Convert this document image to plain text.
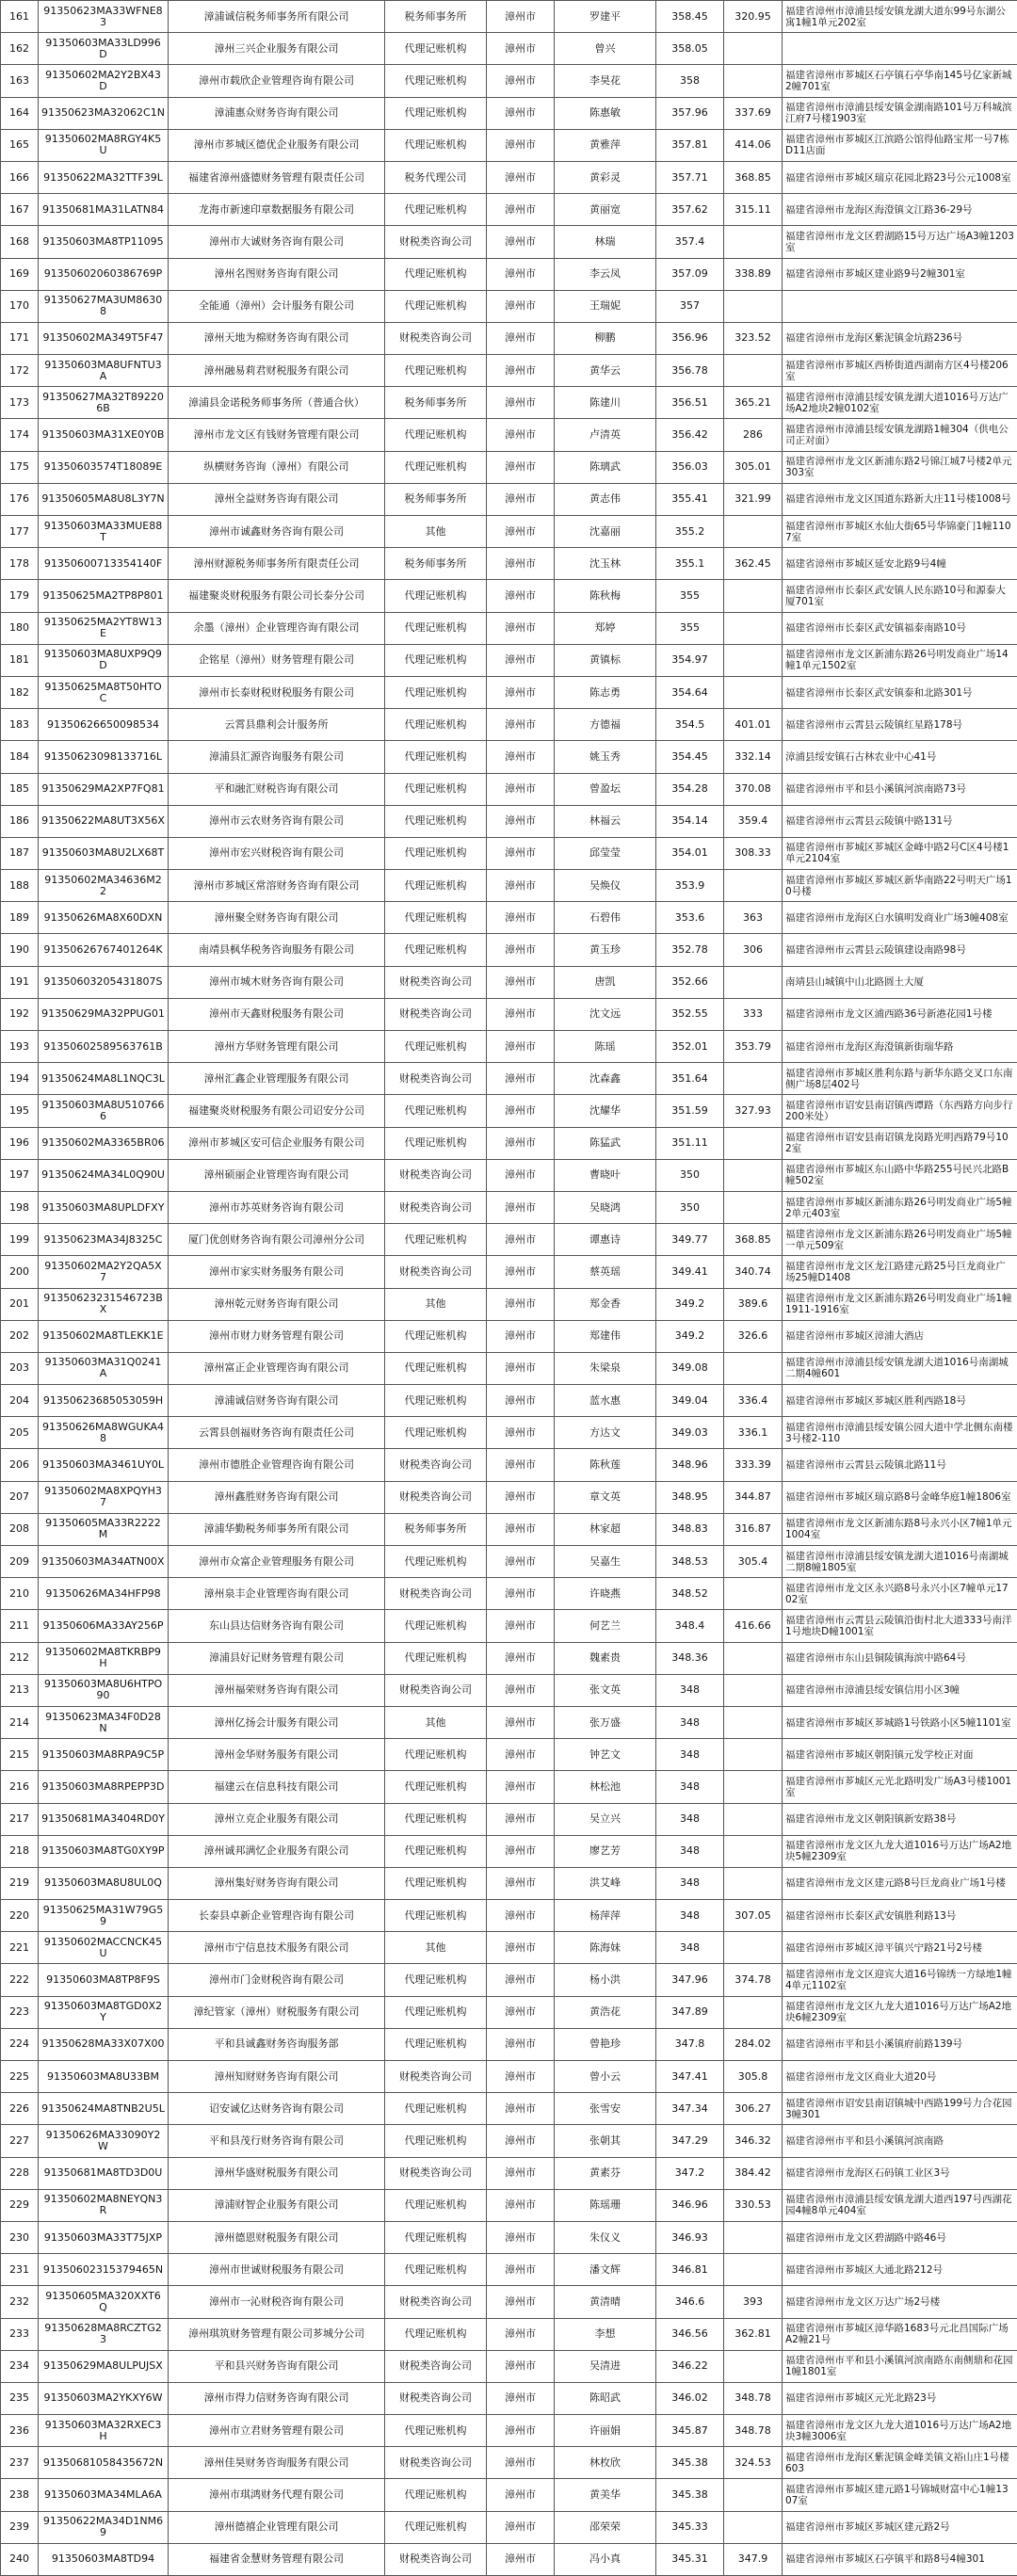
161	91350623MA33WFNE83	漳浦诚信税务师事务所有限公司	税务师事务所	漳州市	罗建平	358.45	320.95	福建省漳州市漳浦县绥安镇龙湖大道东99号东湖公寓1幢1单元202室
162	91350603MA33LD996D	漳州三兴企业服务有限公司	代理记账机构	漳州市	曾兴	358.05		
163	91350602MA2Y2BX43D	漳州市载欣企业管理咨询有限公司	代理记账机构	漳州市	李昊花	358		福建省漳州市芗城区石亭镇石亭华南145号亿家新城2幢701室
164	91350623MA32062C1N	漳浦惠众财务咨询有限公司	代理记账机构	漳州市	陈惠敏	357.96	337.69	福建省漳州市漳浦县绥安镇金湖南路101号万科城滨江府7号楼1903室
165	91350602MA8RGY4K5U	漳州市芗城区德优企业服务有限公司	代理记账机构	漳州市	黄雅萍	357.81	414.06	福建省漳州市芗城区江滨路公馆得仙路宝邦一号7栋D11店面
166	91350622MA32TTF39L	福建省漳州盛德财务管理有限责任公司	税务代理公司	漳州市	黄彩灵	357.71	368.85	福建省漳州市芗城区瑞京花园北路23号公元1008室
167	91350681MA31LATN84	龙海市新速印章数据服务有限公司	代理记账机构	漳州市	黄丽宽	357.62	315.11	福建省漳州市龙海区海澄镇文江路36-29号
168	91350603MA8TP11095	漳州市大诚财务咨询有限公司	财税类咨询公司	漳州市	林瑞	357.4		福建省漳州市龙文区碧湖路15号万达广场A3幢1203室
169	91350602060386769P	漳州名图财务咨询有限公司	代理记账机构	漳州市	李云凤	357.09	338.89	福建省漳州市芗城区建业路9号2幢301室
170	91350627MA3UM86308	全能通（漳州）会计服务有限公司	代理记账机构	漳州市	王瑞妮	357		
171	91350602MA349T5F47	漳州天地为棉财务咨询有限公司	财税类咨询公司	漳州市	柳鹏	356.96	323.52	福建省漳州市龙海区紫泥镇金坑路236号
172	91350603MA8UFNTU3A	漳州融易莉君财税服务有限公司	代理记账机构	漳州市	黄华云	356.78		福建省漳州市芗城区西桥街道西湖南方区4号楼206室
173	91350627MA32T892206B	漳浦县金诺税务师事务所（普通合伙）	税务师事务所	漳州市	陈建川	356.51	365.21	福建省漳州市漳浦县绥安镇龙湖大道1016号万达广场A2地块2幢0102室
174	91350603MA31XE0Y0B	漳州市龙文区有钱财务管理有限公司	代理记账机构	漳州市	卢清英	356.42	286	福建省漳州市漳浦县绥安镇龙湖路1幢304（供电公司正对面）
175	91350603574T18089E	纵横财务咨询（漳州）有限公司	代理记账机构	漳州市	陈璃武	356.03	305.01	福建省漳州市龙文区新浦东路2号锦江城7号楼2单元303室
176	91350605MA8U8L3Y7N	漳州全益财务咨询有限公司	税务师事务所	漳州市	黄志伟	355.41	321.99	福建省漳州市龙文区国道东路新大庄11号楼1008号
177	91350603MA33MUE88T	漳州市诚鑫财务咨询有限公司	其他	漳州市	沈嘉丽	355.2		福建省漳州市芗城区水仙大街65号华锦豪门1幢1107室
178	91350600713354140F	漳州财源税务师事务所有限责任公司	税务师事务所	漳州市	沈玉林	355.1	362.45	福建省漳州市芗城区延安北路9号4幢
179	91350625MA2TP8P801	福建聚炎财税服务有限公司长泰分公司	代理记账机构	漳州市	陈秋梅	355		福建省漳州市长泰区武安镇人民东路10号和源泰大厦701室
180	91350625MA2YT8W13E	余墨（漳州）企业管理咨询有限公司	代理记账机构	漳州市	郑婷	355		福建省漳州市长泰区武安镇福泰南路10号
181	91350603MA8UXP9Q9D	企铭星（漳州）财务管理有限公司	代理记账机构	漳州市	黄镇标	354.97		福建省漳州市龙文区新浦东路26号明发商业广场14幢1单元1502室
182	91350625MA8T50HTOC	漳州市长泰财税财税服务有限公司	代理记账机构	漳州市	陈志勇	354.64		福建省漳州市长泰区武安镇泰和北路301号
183	91350626650098534	云霄县鼎利会计服务所	代理记账机构	漳州市	方德福	354.5	401.01	福建省漳州市云霄县云陵镇红星路178号
184	91350623098133716L	漳浦县汇源咨询服务有限公司	代理记账机构	漳州市	姚玉秀	354.45	332.14	漳浦县绥安镇石古林农业中心41号
185	91350629MA2XP7FQ81	平和融汇财税咨询有限公司	代理记账机构	漳州市	曾盈坛	354.28	370.08	福建省漳州市平和县小溪镇河滨南路73号
186	91350622MA8UT3X56X	漳州市云农财务咨询有限公司	代理记账机构	漳州市	林福云	354.14	359.4	福建省漳州市云霄县云陵镇中路131号
187	91350603MA8U2LX68T	漳州市宏兴财税咨询有限公司	代理记账机构	漳州市	邱莹莹	354.01	308.33	福建省漳州市芗城区芗城区金峰中路2号C区4号楼1单元2104室
188	91350602MA34636M22	漳州市芗城区常溶财务咨询有限公司	代理记账机构	漳州市	吴焕仪	353.9		福建省漳州市芗城区芗城区新华南路22号明天广场10号楼
189	91350626MA8X60DXN	漳州聚全财务咨询有限公司	代理记账机构	漳州市	石碧伟	353.6	363	福建省漳州市龙海区白水镇明发商业广场3幢408室
190	91350626767401264K	南靖县枫华税务咨询服务有限公司	代理记账机构	漳州市	黄玉珍	352.78	306	福建省漳州市云霄县云陵镇建设南路98号
191	91350603205431807S	漳州市城木财务咨询有限公司	财税类咨询公司	漳州市	唐凯	352.66		南靖县山城镇中山北路圆土大厦
192	91350629MA32PPUG01	漳州市天鑫财税服务有限公司	财税类咨询公司	漳州市	沈文远	352.55	333	福建省漳州市龙文区浦西路36号新港花园1号楼
193	91350602589563761B	漳州方华财务管理有限公司	代理记账机构	漳州市	陈瑶	352.01	353.79	福建省漳州市龙海区海澄镇新街瑞华路
194	91350624MA8L1NQC3L	漳州汇鑫企业管理服务有限公司	财税类咨询公司	漳州市	沈森鑫	351.64		福建省漳州市芗城区胜利东路与新华东路交叉口东南侧广场8层402号
195	91350603MA8U5107666	福建聚炎财税服务有限公司诏安分公司	代理记账机构	漳州市	沈耀华	351.59	327.93	福建省漳州市诏安县南诏镇西谭路（东西路方向步行200米处）
196	91350602MA3365BR06	漳州市芗城区安可信企业服务有限公司	代理记账机构	漳州市	陈猛武	351.11		福建省漳州市诏安县南诏镇龙岗路光明西路79号102室
197	91350624MA34L0Q90U	漳州硕丽企业管理咨询有限公司	财税类咨询公司	漳州市	曹晓叶	350		福建省漳州市芗城区东山路中华路255号民兴北路B幢502室
198	91350603MA8UPLDFXY	漳州市苏英财务咨询有限公司	财税类咨询公司	漳州市	吴晓鸿	350		福建省漳州市芗城区新浦东路26号明发商业广场5幢2单元403室
199	91350623MA34J8325C	厦门优创财务咨询有限公司漳州分公司	代理记账机构	漳州市	谭惠诗	349.77	368.85	福建省漳州市龙文区新浦东路26号明发商业广场5幢一单元509室
200	91350602MA2Y2QA5X7	漳州市家实财务服务有限公司	财税类咨询公司	漳州市	蔡英瑶	349.41	340.74	福建省漳州市龙文区龙江路建元路25号巨龙商业广场25幢D1408
201	91350623231546723BX	漳州乾元财务咨询有限公司	其他	漳州市	郑金香	349.2	389.6	福建省漳州市龙文区新浦东路26号明发商业广场1幢1911-1916室
202	91350602MA8TLEKK1E	漳州市财力财务管理有限公司	代理记账机构	漳州市	郑建伟	349.2	326.6	福建省漳州市芗城区漳浦大酒店
203	91350603MA31Q0241A	漳州富正企业管理咨询有限公司	代理记账机构	漳州市	朱梁泉	349.08		福建省漳州市漳浦县绥安镇龙湖大道1016号南湖城二期4幢601
204	91350623685053059H	漳浦诚信财务咨询有限公司	代理记账机构	漳州市	蓝水惠	349.04	336.4	福建省漳州市芗城区芗城区胜利西路18号
205	91350626MA8WGUKA48	云霄县创福财务咨询有限责任公司	代理记账机构	漳州市	方达文	349.03	336.1	福建省漳州市漳浦县绥安镇公园大道中学北侧东南楼3号楼2-110
206	91350603MA3461UY0L	漳州市德胜企业管理咨询有限公司	财税类咨询公司	漳州市	陈秋莲	348.96	333.39	福建省漳州市云霄县云陵镇北路11号
207	91350602MA8XPQYH37	漳州鑫胜财务咨询有限公司	财税类咨询公司	漳州市	章文英	348.95	344.87	福建省漳州市芗城区瑞京路8号金峰华庭1幢1806室
208	91350605MA33R2222M	漳浦华勤税务师事务所有限公司	税务师事务所	漳州市	林家超	348.83	316.87	福建省漳州市龙文区新浦东路8号永兴小区7幢1单元1004室
209	91350603MA34ATN00X	漳州市众富企业管理服务有限公司	代理记账机构	漳州市	吴嘉生	348.53	305.4	福建省漳州市漳浦县绥安镇龙湖大道1016号南湖城二期8幢1805室
210	91350626MA34HFP98	漳州泉丰企业管理咨询有限公司	财税类咨询公司	漳州市	许晓燕	348.52		福建省漳州市龙文区永兴路8号永兴小区7幢单元1702室
211	91350606MA33AY256P	东山县达信财务咨询有限公司	代理记账机构	漳州市	何艺兰	348.4	416.66	福建省漳州市云霄县云陵镇沿街村北大道333号南洋1号地块D幢1001室
212	91350602MA8TKRBP9H	漳浦县好记财务管理有限公司	代理记账机构	漳州市	魏素贵	348.36		福建省漳州市东山县铜陵镇海滨中路64号
213	91350603MA8U6HTPO90	漳州福荣财务咨询有限公司	财税类咨询公司	漳州市	张文英	348		福建省漳州市漳浦县绥安镇信用小区3幢
214	91350623MA34F0D28N	漳州亿扬会计服务有限公司	其他	漳州市	张万盛	348		福建省漳州市芗城区芗城路1号铁路小区5幢1101室
215	91350603MA8RPA9C5P	漳州金华财务服务有限公司	代理记账机构	漳州市	钟艺文	348		福建省漳州市芗城区朝阳镇元发学校正对面
216	91350603MA8RPEPP3D	福建云在信息科技有限公司	代理记账机构	漳州市	林松池	348		福建省漳州市芗城区元光北路明发广场A3号楼1001室
217	91350681MA3404RD0Y	漳州立克企业服务有限公司	代理记账机构	漳州市	吴立兴	348		福建省漳州市龙文区朝阳镇新安路38号
218	91350603MA8TG0XY9P	漳州诚邦满忆企业服务有限公司	代理记账机构	漳州市	廖艺芳	348		福建省漳州市龙文区九龙大道1016号万达广场A2地块5幢2309室
219	91350603MA8U8UL0Q	漳州集好财务咨询有限公司	代理记账机构	漳州市	洪艾峰	348		福建省漳州市龙文区建元路8号巨龙商业广场1号楼
220	91350625MA31W79G59	长泰县卓新企业管理咨询有限公司	代理记账机构	漳州市	杨萍萍	348	307.05	福建省漳州市长泰区武安镇胜利路13号
221	91350602MACCNCK45U	漳州市宁信息技术服务有限公司	其他	漳州市	陈海妹	348		福建省漳州市芗城区漳平镇兴宁路21号2号楼
222	91350603MA8TP8F9S	漳州市门金财税咨询有限公司	代理记账机构	漳州市	杨小洪	347.96	374.78	福建省漳州市龙文区迎宾大道16号锦绣一方绿地1幢4单元1102室
223	91350603MA8TGD0X2Y	漳纪管家（漳州）财税服务有限公司	代理记账机构	漳州市	黄浩花	347.89		福建省漳州市龙文区九龙大道1016号万达广场A2地块6幢2309室
224	91350628MA33X07X00	平和县诚鑫财务咨询服务部	代理记账机构	漳州市	曾艳珍	347.8	284.02	福建省漳州市平和县小溪镇府前路139号
225	91350603MA8U33BM	漳州知财财务咨询有限公司	财税类咨询公司	漳州市	曾小云	347.41	305.8	福建省漳州市龙文区商业大道20号
226	91350624MA8TNB2U5L	诏安诚亿达财务咨询有限公司	代理记账机构	漳州市	张雪安	347.34	306.27	福建省漳州市诏安县南诏镇城中西路199号力合花园3幢301
227	91350626MA33090Y2W	平和县茂行财务咨询有限公司	代理记账机构	漳州市	张朝其	347.29	346.32	福建省漳州市平和县小溪镇河滨南路
228	91350681MA8TD3D0U	漳州华盛财税服务有限公司	财税类咨询公司	漳州市	黄素芬	347.2	384.42	福建省漳州市龙海区石码镇工业区3号
229	91350602MA8NEYQN3R	漳浦财智企业服务有限公司	代理记账机构	漳州市	陈瑶珊	346.96	330.53	福建省漳州市漳浦县绥安镇龙湖大道西197号西湖花园4幢8单元404室
230	91350603MA33T75JXP	漳州德恩财税服务有限公司	代理记账机构	漳州市	朱仪义	346.93		福建省漳州市龙文区碧湖路中路46号
231	91350602315379465N	漳州市世诚财税服务有限公司	代理记账机构	漳州市	潘文辉	346.81		福建省漳州市芗城区大通北路212号
232	91350605MA320XXT6Q	漳州市一沁财税咨询有限公司	财税类咨询公司	漳州市	黄清晴	346.6	393	福建省漳州市龙文区万达广场2号楼
233	91350628MA8RCZTG23	漳州琪筑财务管理有限公司芗城分公司	代理记账机构	漳州市	李想	346.56	362.81	福建省漳州市芗城区漳华路1683号元北昌国际广场A2幢21号
234	91350629MA8ULPUJSX	平和县兴财务咨询有限公司	财税类咨询公司	漳州市	吴清进	346.22		福建省漳州市平和县小溪镇河滨南路东南侧鼎和花园1幢1801室
235	91350603MA2YKXY6W	漳州市得力信财务咨询有限公司	财税类咨询公司	漳州市	陈昭武	346.02	348.78	福建省漳州市芗城区元光北路23号
236	91350603MA32RXEC3H	漳州市立君财务管理有限公司	代理记账机构	漳州市	许丽娟	345.87	348.78	福建省漳州市龙文区九龙大道1016号万达广场A2地块3幢3006室
237	91350681058435672N	漳州佳昊财务咨询服务有限公司	财税类咨询公司	漳州市	林枚欣	345.38	324.53	福建省漳州市龙海区紫泥镇金峰美镇文裕山庄1号楼603
238	91350603MA34MLA6A	漳州市琪鸿财务代理有限公司	代理记账机构	漳州市	黄美华	345.38		福建省漳州市芗城区建元路1号锦城财富中心1幢1307室
239	91350622MA34D1NM69	漳州德禧企业管理有限公司	代理记账机构	漳州市	邵荣荣	345.33		福建省漳州市芗城区芗城区建元路2号
240	91350603MA8TD94	福建省金慧财务管理有限公司	财税类咨询公司	漳州市	冯小真	345.31	347.9	福建省漳州市芗城区石亭镇平和路8号4幢301
